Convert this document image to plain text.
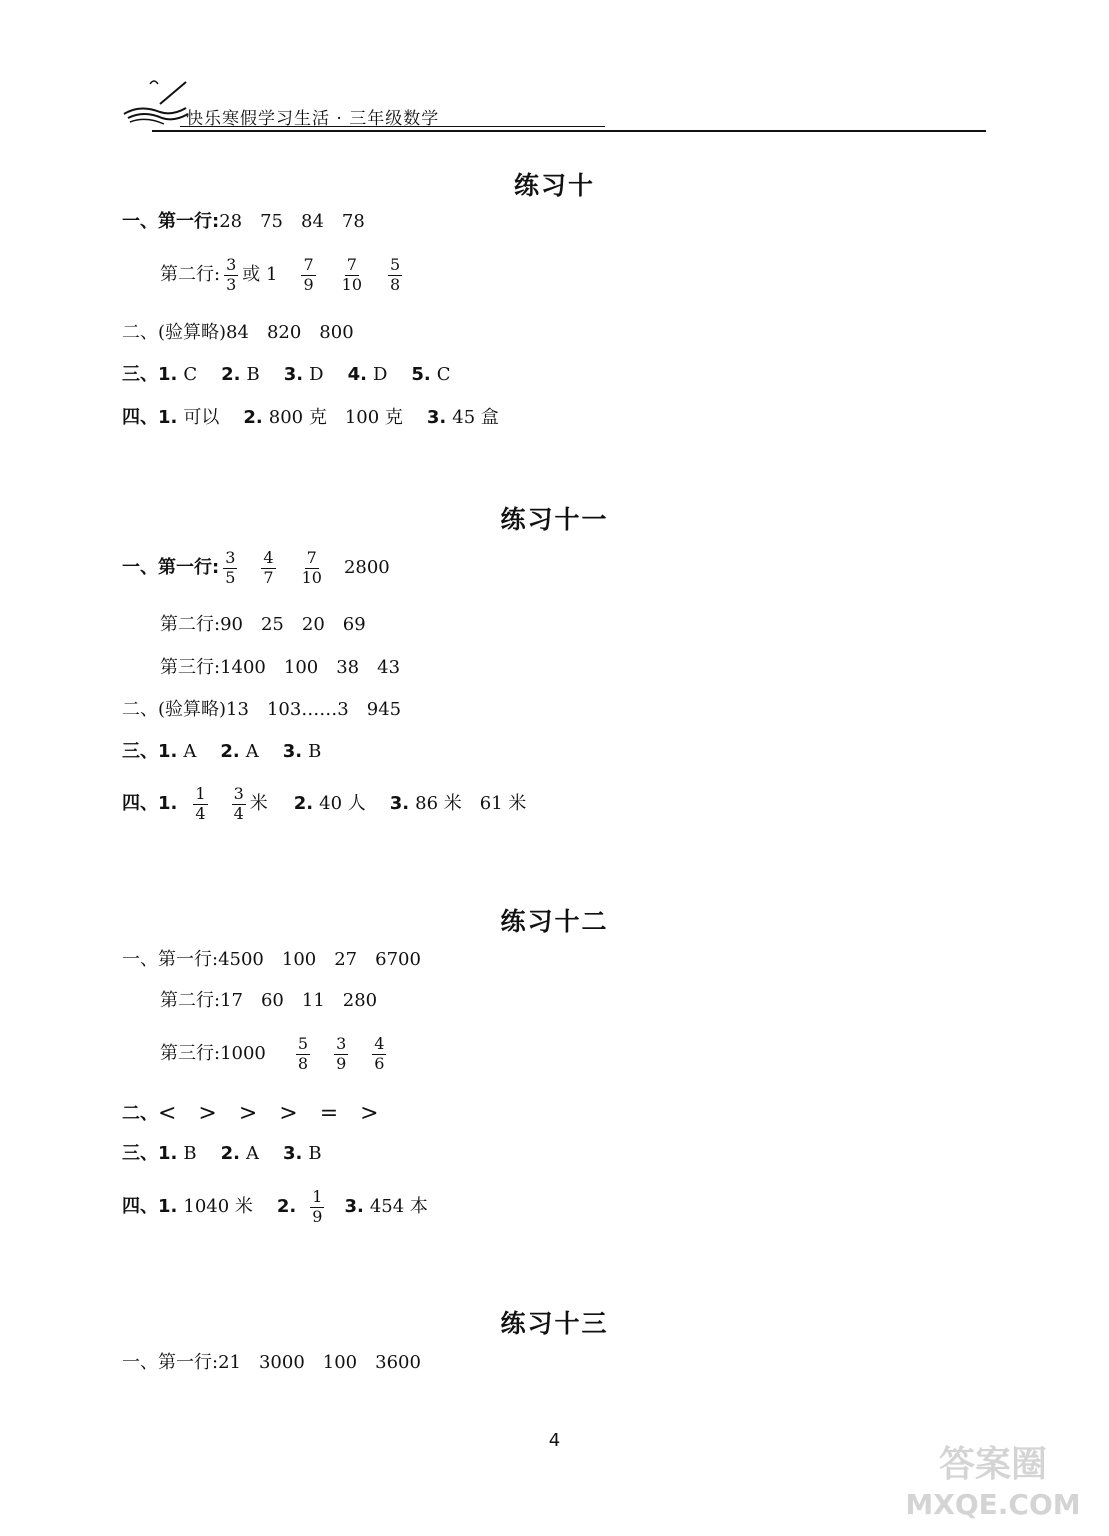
快乐寒假学习生活 · 三年级数学
练习十
一、第一行: 28　75　84　78
第二行: $\frac{3}{3}$ 或 $1 \frac{7}{9} \frac{7}{10} \frac{5}{8}$
二、(验算略)84　820　800
三、 1. C 2. B 3. D 4. D 5. C
四、 1. 可以 2. 800 克　100 克 3. 45 盒
练习十一
一、第一行: $\frac{3}{5} \frac{4}{7} \frac{7}{10} 2800$
第二行:90　25　20　69
第三行:1400　100　38　43
二、(验算略)13　103……3　945
三、 1. A 2. A 3. B
四、 1.	$\frac{1}{4} \frac{3}{4}$ 米 2. 40 人 3. 86 米　61 米
练习十二
一、第一行:4500　100　27　6700
第二行:17　60　11　280
第三行:1000 $\frac{5}{8} \frac{3}{9} \frac{4}{6}$
二、 <　>　>　>　=　>
三、 1. B 2. A 3. B
四、 1. 1040 米 2. $\frac{1}{9} 3$. 454 本
练习十三
一、第一行:21　3000　100　3600
4
答案圈
MXQE.COM
